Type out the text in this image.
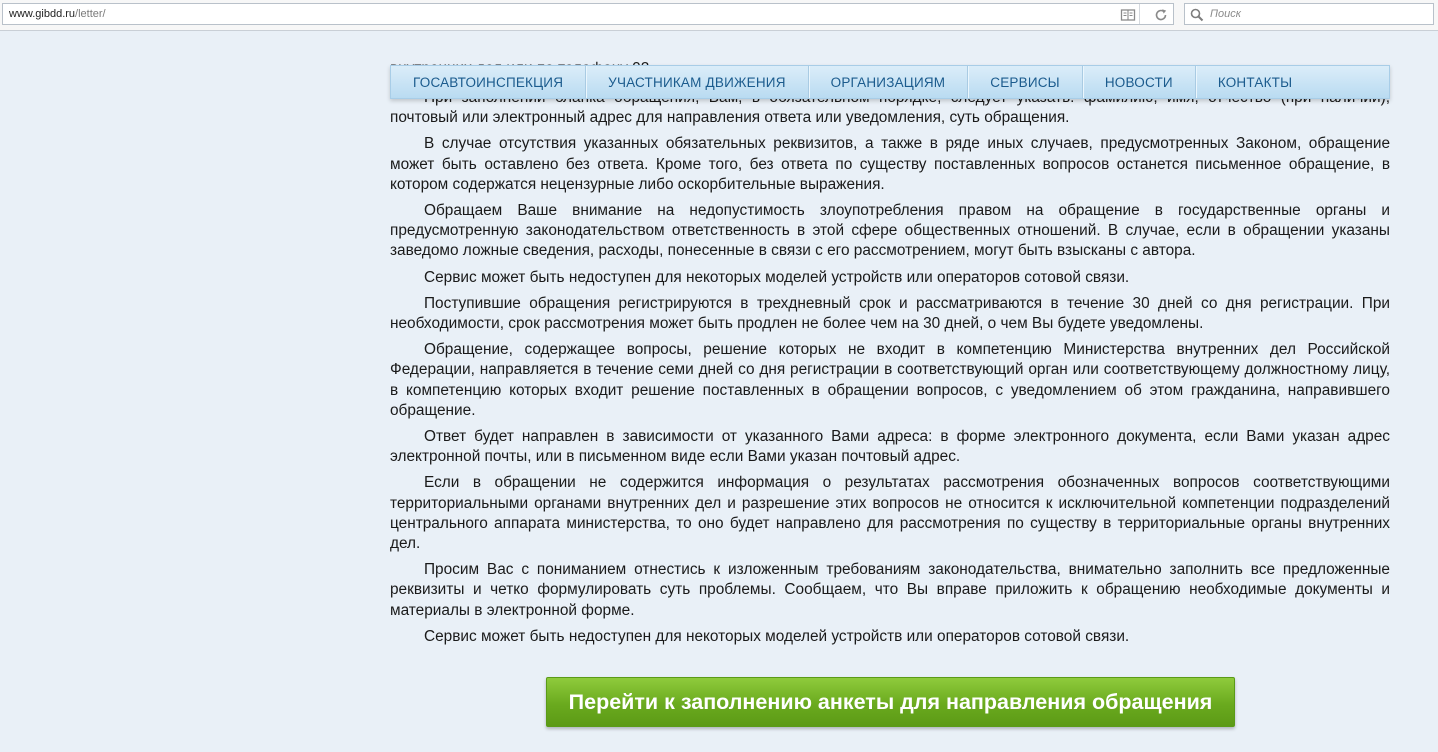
www.gibdd.ru/letter/	Поиск
ГОСАВТОИНСПЕКЦИЯ	УЧАСТНИКАМ ДВИЖЕНИЯ	ОРГАНИЗАЦИЯМ	СЕРВИСЫ	НОВОСТИ	КОНТАКТЫ

почтовый или электронный адрес для направления ответа или уведомления, суть обращения.

В случае отсутствия указанных обязательных реквизитов, а также в ряде иных случаев, предусмотренных Законом, обращение может быть оставлено без ответа. Кроме того, без ответа по существу поставленных вопросов останется письменное обращение, в котором содержатся нецензурные либо оскорбительные выражения.

Обращаем Ваше внимание на недопустимость злоупотребления правом на обращение в государственные органы и предусмотренную законодательством ответственность в этой сфере общественных отношений. В случае, если в обращении указаны заведомо ложные сведения, расходы, понесенные в связи с его рассмотрением, могут быть взысканы с автора.

Сервис может быть недоступен для некоторых моделей устройств или операторов сотовой связи.

Поступившие обращения регистрируются в трехдневный срок и рассматриваются в течение 30 дней со дня регистрации. При необходимости, срок рассмотрения может быть продлен не более чем на 30 дней, о чем Вы будете уведомлены.

Обращение, содержащее вопросы, решение которых не входит в компетенцию Министерства внутренних дел Российской Федерации, направляется в течение семи дней со дня регистрации в соответствующий орган или соответствующему должностному лицу, в компетенцию которых входит решение поставленных в обращении вопросов, с уведомлением об этом гражданина, направившего обращение.

Ответ будет направлен в зависимости от указанного Вами адреса: в форме электронного документа, если Вами указан адрес электронной почты, или в письменном виде если Вами указан почтовый адрес.

Если в обращении не содержится информация о результатах рассмотрения обозначенных вопросов соответствующими территориальными органами внутренних дел и разрешение этих вопросов не относится к исключительной компетенции подразделений центрального аппарата министерства, то оно будет направлено для рассмотрения по существу в территориальные органы внутренних дел.

Просим Вас с пониманием отнестись к изложенным требованиям законодательства, внимательно заполнить все предложенные реквизиты и четко формулировать суть проблемы. Сообщаем, что Вы вправе приложить к обращению необходимые документы и материалы в электронной форме.

Сервис может быть недоступен для некоторых моделей устройств или операторов сотовой связи.

Перейти к заполнению анкеты для направления обращения
